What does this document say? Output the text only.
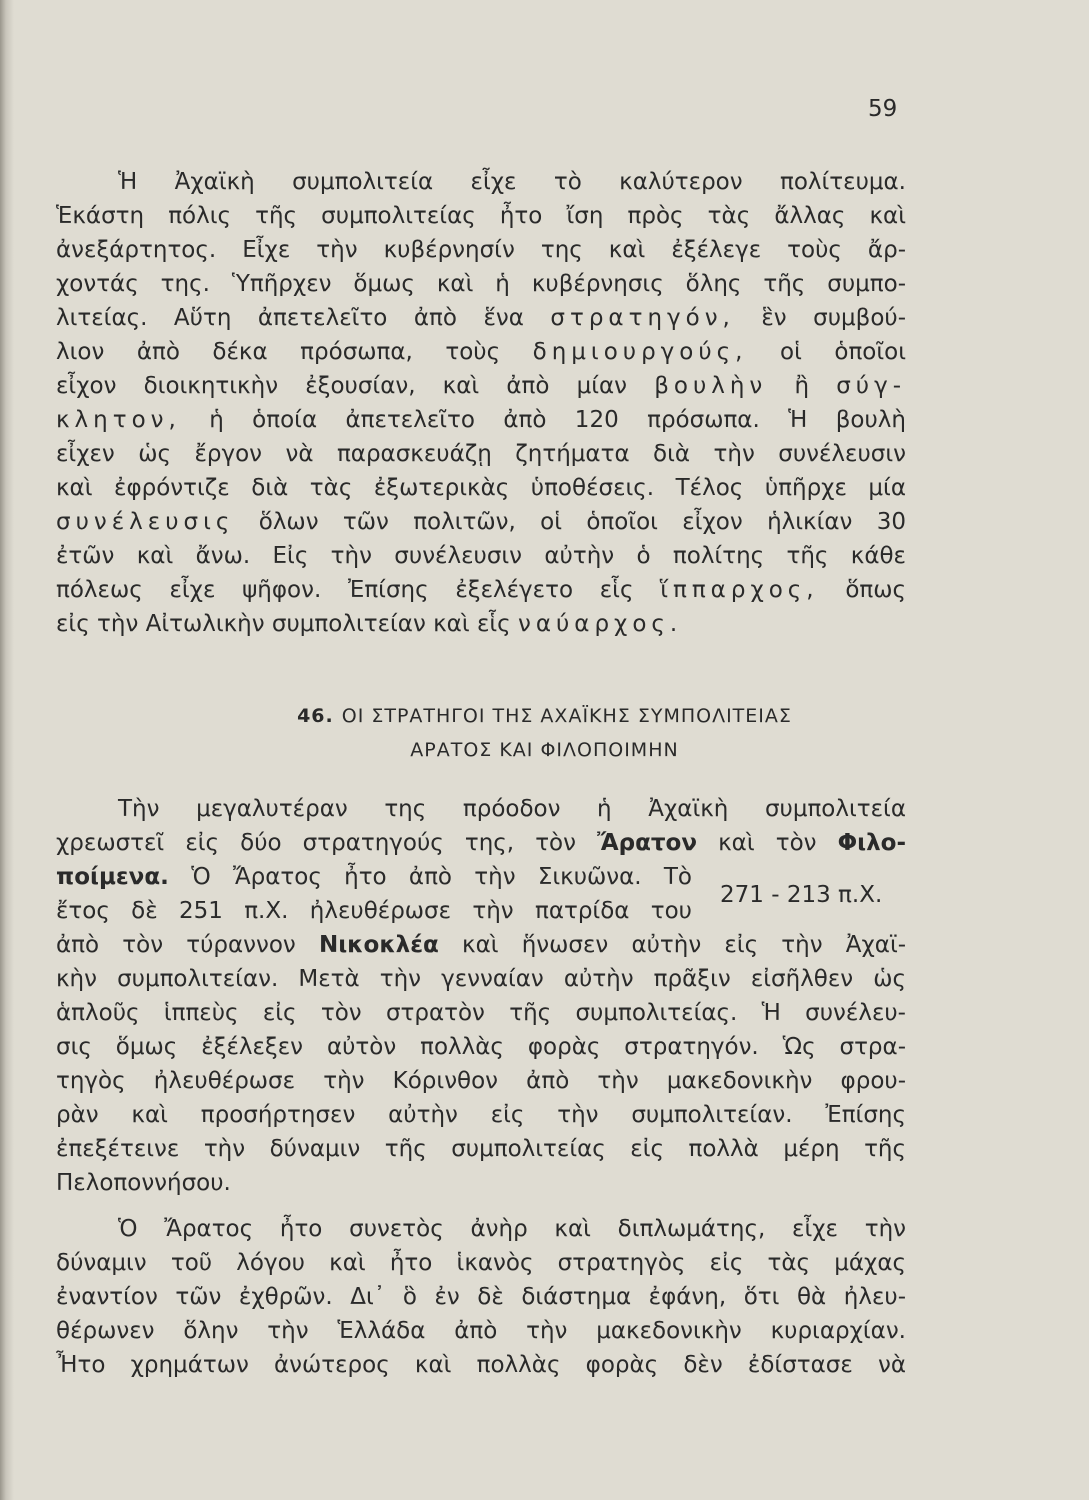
59

Ἡ Ἀχαϊκὴ συμπολιτεία εἶχε τὸ καλύτερον πολίτευμα.

Ἑκάστη πόλις τῆς συμπολιτείας ἦτο ἴση πρὸς τὰς ἄλλας καὶ

ἀνεξάρτητος. Εἶχε τὴν κυβέρνησίν της καὶ ἐξέλεγε τοὺς ἄρ-

χοντάς της. Ὑπῆρχεν ὅμως καὶ ἡ κυβέρνησις ὅλης τῆς συμπο-

λιτείας. Αὕτη ἀπετελεῖτο ἀπὸ ἕνα στρατηγόν, ἓν συμβού-

λιον ἀπὸ δέκα πρόσωπα, τοὺς δημιουργούς, οἱ ὁποῖοι

εἶχον διοικητικὴν ἐξουσίαν, καὶ ἀπὸ μίαν βουλὴν ἢ σύγ-

κλητον, ἡ ὁποία ἀπετελεῖτο ἀπὸ 120 πρόσωπα. Ἡ βουλὴ

εἶχεν ὡς ἔργον νὰ παρασκευάζῃ ζητήματα διὰ τὴν συνέλευσιν

καὶ ἐφρόντιζε διὰ τὰς ἐξωτερικὰς ὑποθέσεις. Τέλος ὑπῆρχε μία

συνέλευσις ὅλων τῶν πολιτῶν, οἱ ὁποῖοι εἶχον ἡλικίαν 30

ἐτῶν καὶ ἄνω. Εἰς τὴν συνέλευσιν αὐτὴν ὁ πολίτης τῆς κάθε

πόλεως εἶχε ψῆφον. Ἐπίσης ἐξελέγετο εἷς ἵππαρχος, ὅπως

εἰς τὴν Αἰτωλικὴν συμπολιτείαν καὶ εἷς ναύαρχος.

46. ΟΙ ΣΤΡΑΤΗΓΟΙ ΤΗΣ ΑΧΑΪΚΗΣ ΣΥΜΠΟΛΙΤΕΙΑΣ

ΑΡΑΤΟΣ ΚΑΙ ΦΙΛΟΠΟΙΜΗΝ

Τὴν μεγαλυτέραν της πρόοδον ἡ Ἀχαϊκὴ συμπολιτεία

χρεωστεῖ εἰς δύο στρατηγούς της, τὸν Ἄρατον καὶ τὸν Φιλο-

ποίμενα. Ὁ Ἄρατος ἦτο ἀπὸ τὴν Σικυῶνα. Τὸ

ἔτος δὲ 251 π.Χ. ἠλευθέρωσε τὴν πατρίδα του

271 - 213 π.Χ.

ἀπὸ τὸν τύραννον Νικοκλέα καὶ ἥνωσεν αὐτὴν εἰς τὴν Ἀχαϊ-

κὴν συμπολιτείαν. Μετὰ τὴν γενναίαν αὐτὴν πρᾶξιν εἰσῆλθεν ὡς

ἁπλοῦς ἱππεὺς εἰς τὸν στρατὸν τῆς συμπολιτείας. Ἡ συνέλευ-

σις ὅμως ἐξέλεξεν αὐτὸν πολλὰς φορὰς στρατηγόν. Ὡς στρα-

τηγὸς ἠλευθέρωσε τὴν Κόρινθον ἀπὸ τὴν μακεδονικὴν φρου-

ρὰν καὶ προσήρτησεν αὐτὴν εἰς τὴν συμπολιτείαν. Ἐπίσης

ἐπεξέτεινε τὴν δύναμιν τῆς συμπολιτείας εἰς πολλὰ μέρη τῆς

Πελοποννήσου.

Ὁ Ἄρατος ἦτο συνετὸς ἀνὴρ καὶ διπλωμάτης, εἶχε τὴν

δύναμιν τοῦ λόγου καὶ ἦτο ἱκανὸς στρατηγὸς εἰς τὰς μάχας

ἐναντίον τῶν ἐχθρῶν. Δι᾽ ὃ ἐν δὲ διάστημα ἐφάνη, ὅτι θὰ ἠλευ-

θέρωνεν ὅλην τὴν Ἑλλάδα ἀπὸ τὴν μακεδονικὴν κυριαρχίαν.

Ἦτο χρημάτων ἀνώτερος καὶ πολλὰς φορὰς δὲν ἐδίστασε νὰ
